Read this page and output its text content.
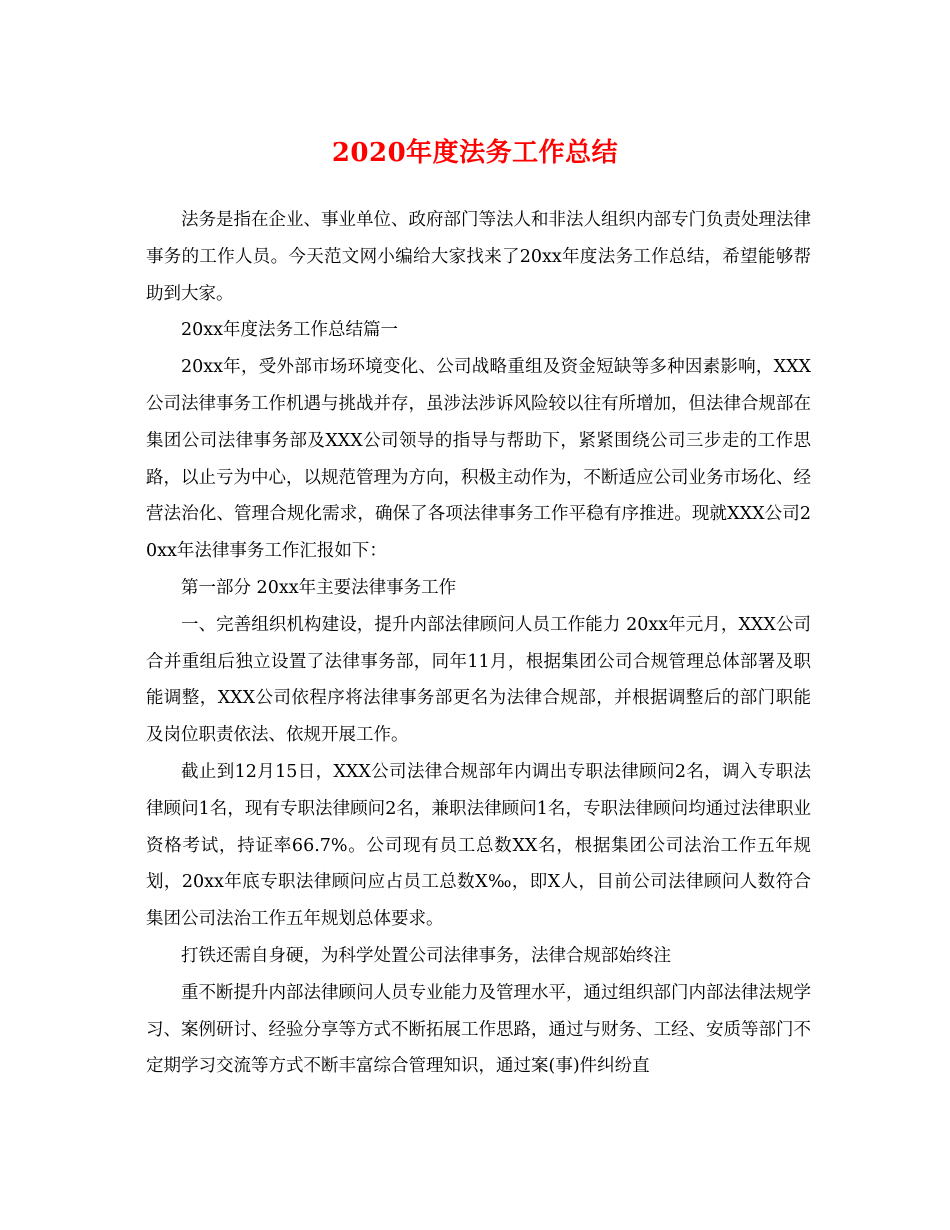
2020年度法务工作总结

法务是指在企业、事业单位、政府部门等法人和非法人组织内部专门负责处理法律事务的工作人员。今天范文网小编给大家找来了20xx年度法务工作总结，希望能够帮助到大家。

20xx年度法务工作总结篇一

20xx年，受外部市场环境变化、公司战略重组及资金短缺等多种因素影响，XXX公司法律事务工作机遇与挑战并存，虽涉法涉诉风险较以往有所增加，但法律合规部在集团公司法律事务部及XXX公司领导的指导与帮助下，紧紧围绕公司三步走的工作思路，以止亏为中心，以规范管理为方向，积极主动作为，不断适应公司业务市场化、经营法治化、管理合规化需求，确保了各项法律事务工作平稳有序推进。现就XXX公司20xx年法律事务工作汇报如下：

第一部分 20xx年主要法律事务工作

一、完善组织机构建设，提升内部法律顾问人员工作能力 20xx年元月，XXX公司合并重组后独立设置了法律事务部，同年11月，根据集团公司合规管理总体部署及职能调整，XXX公司依程序将法律事务部更名为法律合规部，并根据调整后的部门职能及岗位职责依法、依规开展工作。

截止到12月15日，XXX公司法律合规部年内调出专职法律顾问2名，调入专职法律顾问1名，现有专职法律顾问2名，兼职法律顾问1名，专职法律顾问均通过法律职业资格考试，持证率66.7%。公司现有员工总数XX名，根据集团公司法治工作五年规划，20xx年底专职法律顾问应占员工总数X‰，即X人，目前公司法律顾问人数符合集团公司法治工作五年规划总体要求。

打铁还需自身硬，为科学处置公司法律事务，法律合规部始终注

重不断提升内部法律顾问人员专业能力及管理水平，通过组织部门内部法律法规学习、案例研讨、经验分享等方式不断拓展工作思路，通过与财务、工经、安质等部门不定期学习交流等方式不断丰富综合管理知识，通过案(事)件纠纷直
